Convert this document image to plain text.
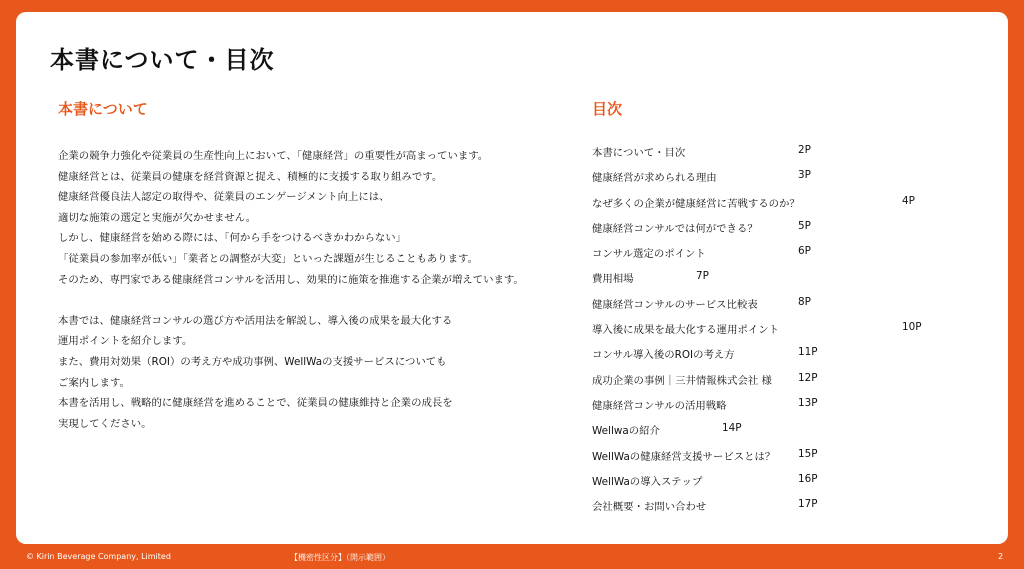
本書について・目次
本書について	目次
企業の競争力強化や従業員の生産性向上において、「健康経営」の重要性が高まっています。
健康経営とは、従業員の健康を経営資源と捉え、積極的に支援する取り組みです。
健康経営優良法人認定の取得や、従業員のエンゲージメント向上には、
適切な施策の選定と実施が欠かせません。
しかし、健康経営を始める際には、「何から手をつけるべきかわからない」
「従業員の参加率が低い」「業者との調整が大変」といった課題が生じることもあります。
そのため、専門家である健康経営コンサルを活用し、効果的に施策を推進する企業が増えています。
本書では、健康経営コンサルの選び方や活用法を解説し、導入後の成果を最大化する
運用ポイントを紹介します。
また、費用対効果（ROI）の考え方や成功事例、WellWaの支援サービスについても
ご案内します。
本書を活用し、戦略的に健康経営を進めることで、従業員の健康維持と企業の成長を
実現してください。
本書について・目次	2P
健康経営が求められる理由	3P
なぜ多くの企業が健康経営に苦戦するのか？	4P
健康経営コンサルでは何ができる？	5P
コンサル選定のポイント	6P
費用相場	7P
健康経営コンサルのサービス比較表	8P
導入後に成果を最大化する運用ポイント	10P
コンサル導入後のROIの考え方	11P
成功企業の事例｜三井情報株式会社 様	12P
健康経営コンサルの活用戦略	13P
Wellwaの紹介	14P
WellWaの健康経営支援サービスとは？ 15P
WellWaの導入ステップ	16P
会社概要・お問い合わせ	17P
© Kirin Beverage Company, Limited	【機密性区分】（開示範囲）	2
